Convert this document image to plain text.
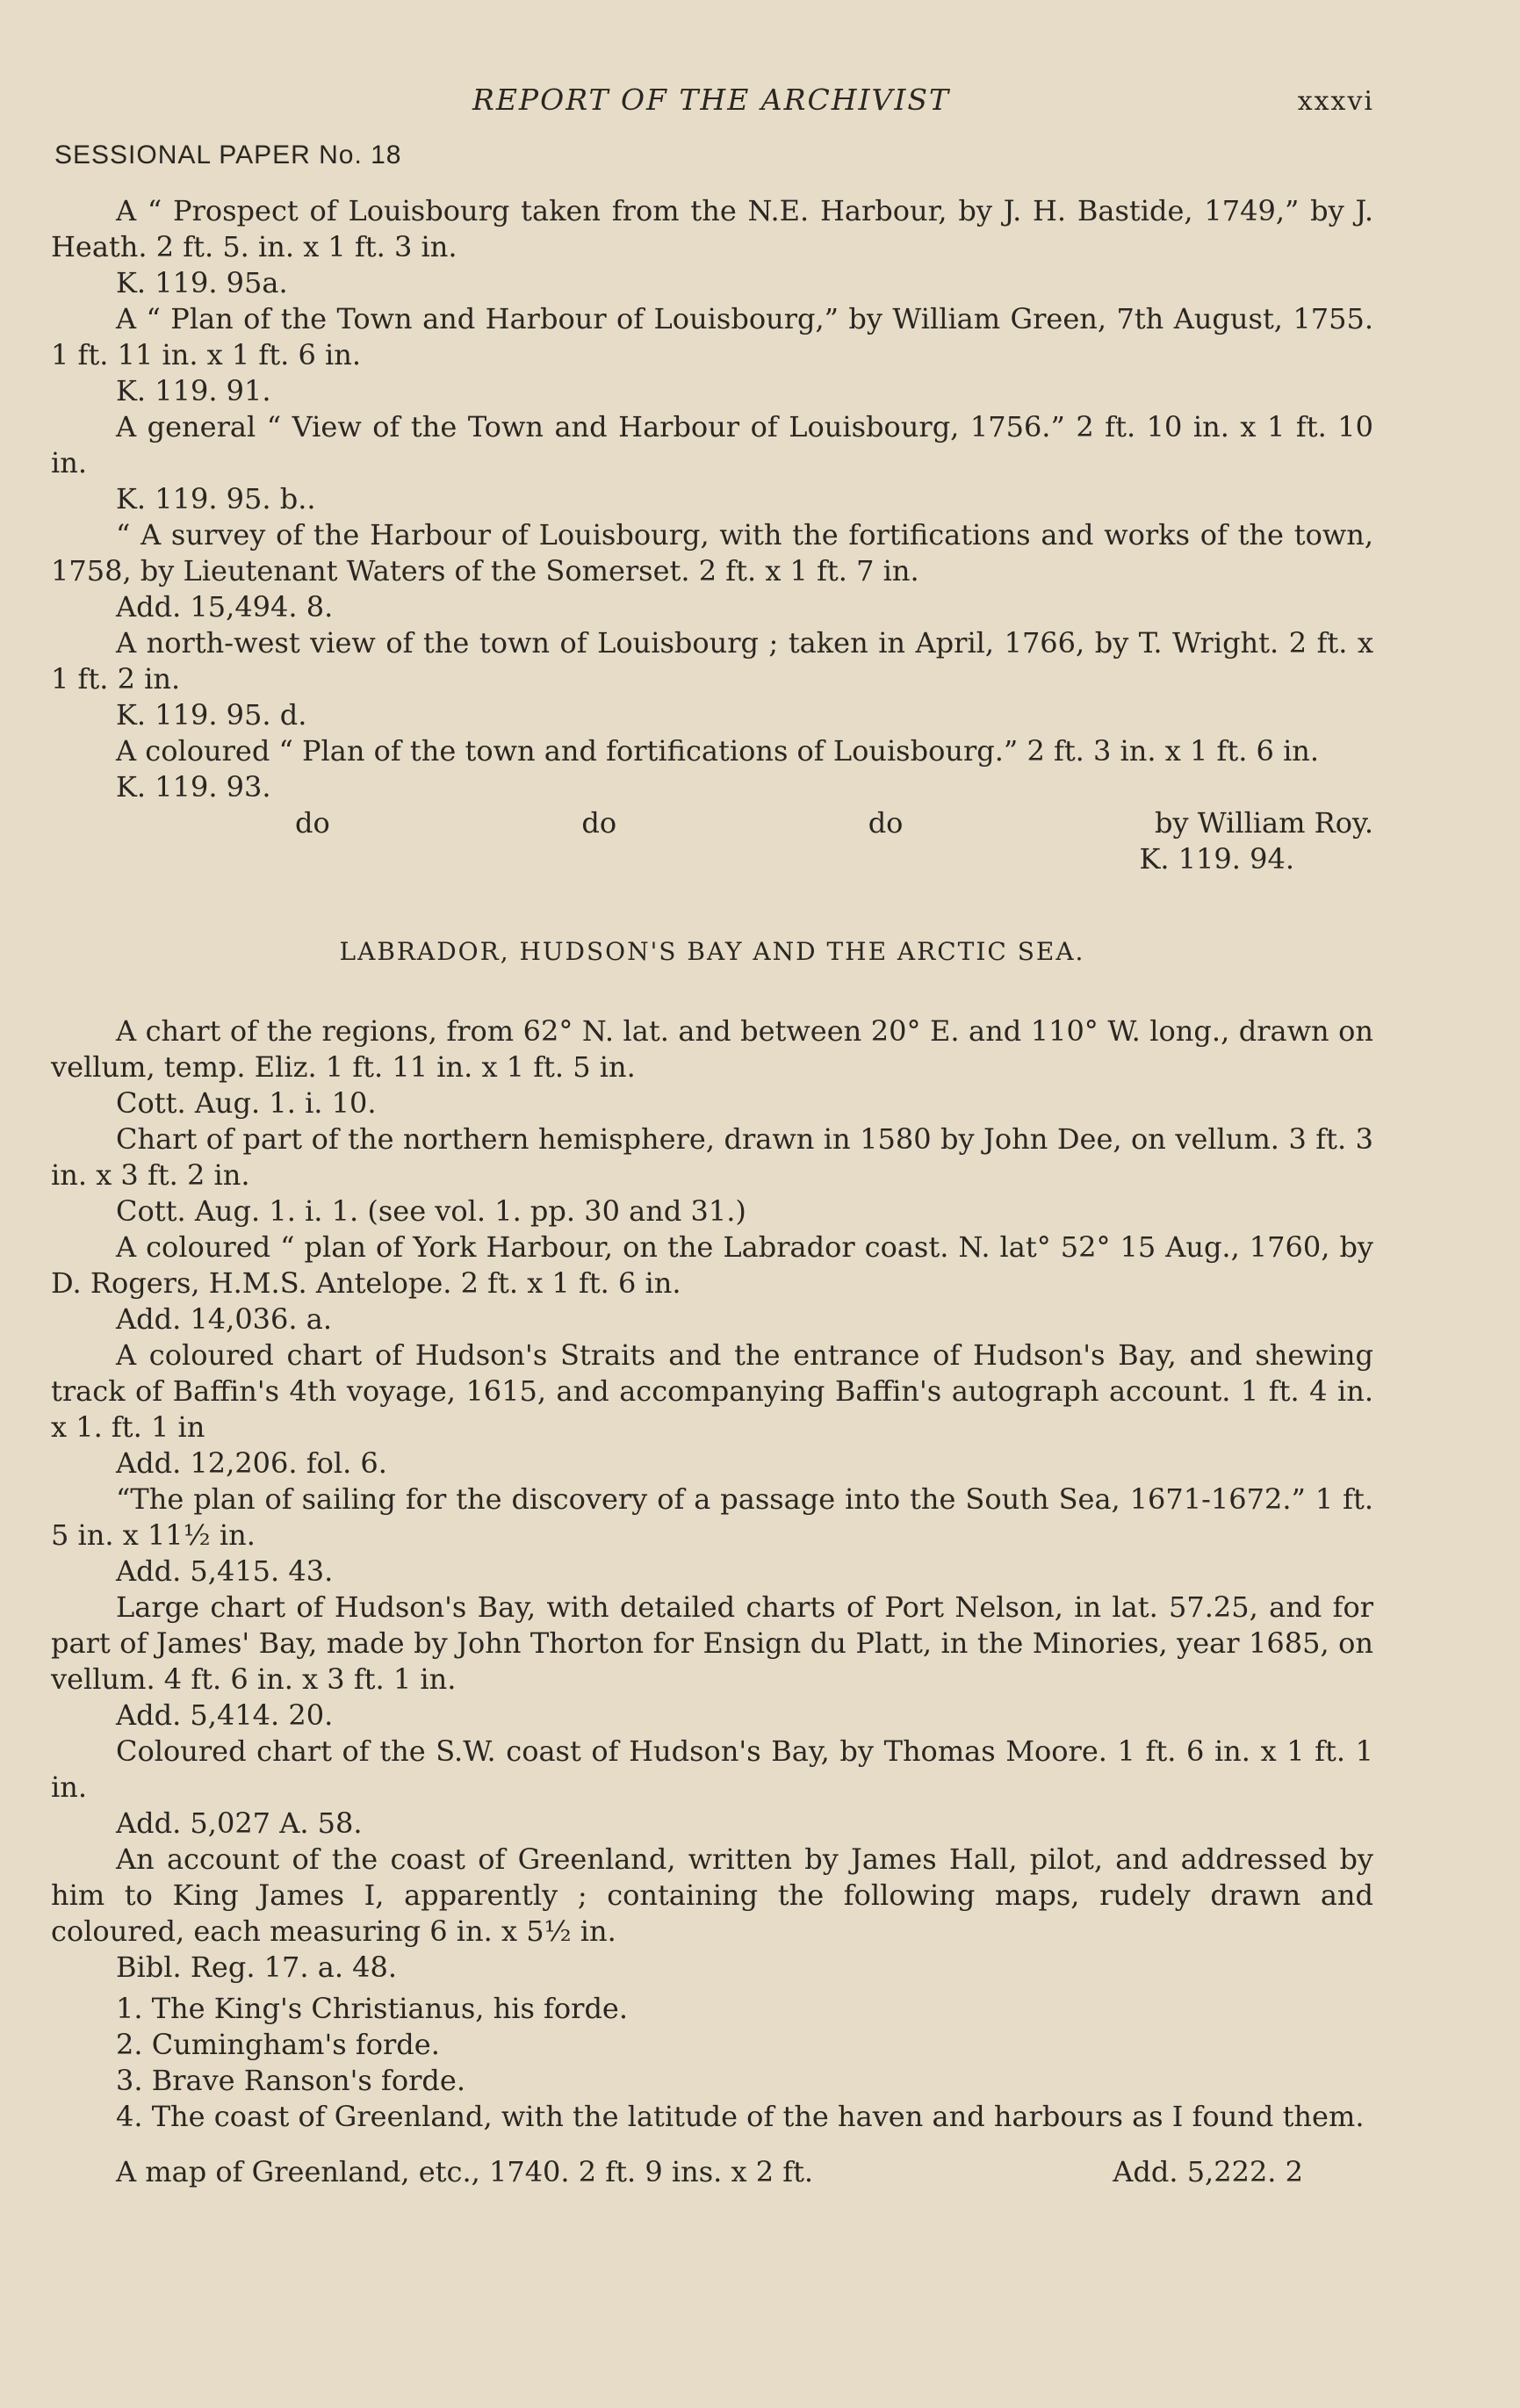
REPORT OF THE ARCHIVIST	xxxvi
SESSIONAL PAPER No. 18

A “ Prospect of Louisbourg taken from the N.E. Harbour, by J. H. Bastide, 1749,” by J. Heath. 2 ft. 5. in. x 1 ft. 3 in.

K. 119. 95a.

A “ Plan of the Town and Harbour of Louisbourg,” by William Green, 7th August, 1755. 1 ft. 11 in. x 1 ft. 6 in.

K. 119. 91.

A general “ View of the Town and Harbour of Louisbourg, 1756.” 2 ft. 10 in. x 1 ft. 10 in.

K. 119. 95. b..

“ A survey of the Harbour of Louisbourg, with the fortifications and works of the town, 1758, by Lieutenant Waters of the Somerset. 2 ft. x 1 ft. 7 in.

Add. 15,494. 8.

A north-west view of the town of Louisbourg ; taken in April, 1766, by T. Wright. 2 ft. x 1 ft. 2 in.

K. 119. 95. d.

A coloured “ Plan of the town and fortifications of Louisbourg.” 2 ft. 3 in. x 1 ft. 6 in.

K. 119. 93.

do	do	do	by William Roy.

K. 119. 94.

LABRADOR, HUDSON'S BAY AND THE ARCTIC SEA.

A chart of the regions, from 62° N. lat. and between 20° E. and 110° W. long., drawn on vellum, temp. Eliz. 1 ft. 11 in. x 1 ft. 5 in.

Cott. Aug. 1. i. 10.

Chart of part of the northern hemisphere, drawn in 1580 by John Dee, on vellum. 3 ft. 3 in. x 3 ft. 2 in.

Cott. Aug. 1. i. 1. (see vol. 1. pp. 30 and 31.)

A coloured “ plan of York Harbour, on the Labrador coast. N. lat° 52° 15 Aug., 1760, by D. Rogers, H.M.S. Antelope. 2 ft. x 1 ft. 6 in.

Add. 14,036. a.

A coloured chart of Hudson's Straits and the entrance of Hudson's Bay, and shewing track of Baffin's 4th voyage, 1615, and accompanying Baffin's autograph account. 1 ft. 4 in. x 1. ft. 1 in

Add. 12,206. fol. 6.

“The plan of sailing for the discovery of a passage into the South Sea, 1671-1672.” 1 ft. 5 in. x 11½ in.

Add. 5,415. 43.

Large chart of Hudson's Bay, with detailed charts of Port Nelson, in lat. 57.25, and for part of James' Bay, made by John Thorton for Ensign du Platt, in the Minories, year 1685, on vellum. 4 ft. 6 in. x 3 ft. 1 in.

Add. 5,414. 20.

Coloured chart of the S.W. coast of Hudson's Bay, by Thomas Moore. 1 ft. 6 in. x 1 ft. 1 in.

Add. 5,027 A. 58.

An account of the coast of Greenland, written by James Hall, pilot, and addressed by him to King James I, apparently ; containing the following maps, rudely drawn and coloured, each measuring 6 in. x 5½ in.

Bibl. Reg. 17. a. 48.

1. The King's Christianus, his forde.
2. Cumingham's forde.
3. Brave Ranson's forde.
4. The coast of Greenland, with the latitude of the haven and harbours as I found them.
A map of Greenland, etc., 1740. 2 ft. 9 ins. x 2 ft.	Add. 5,222. 2
